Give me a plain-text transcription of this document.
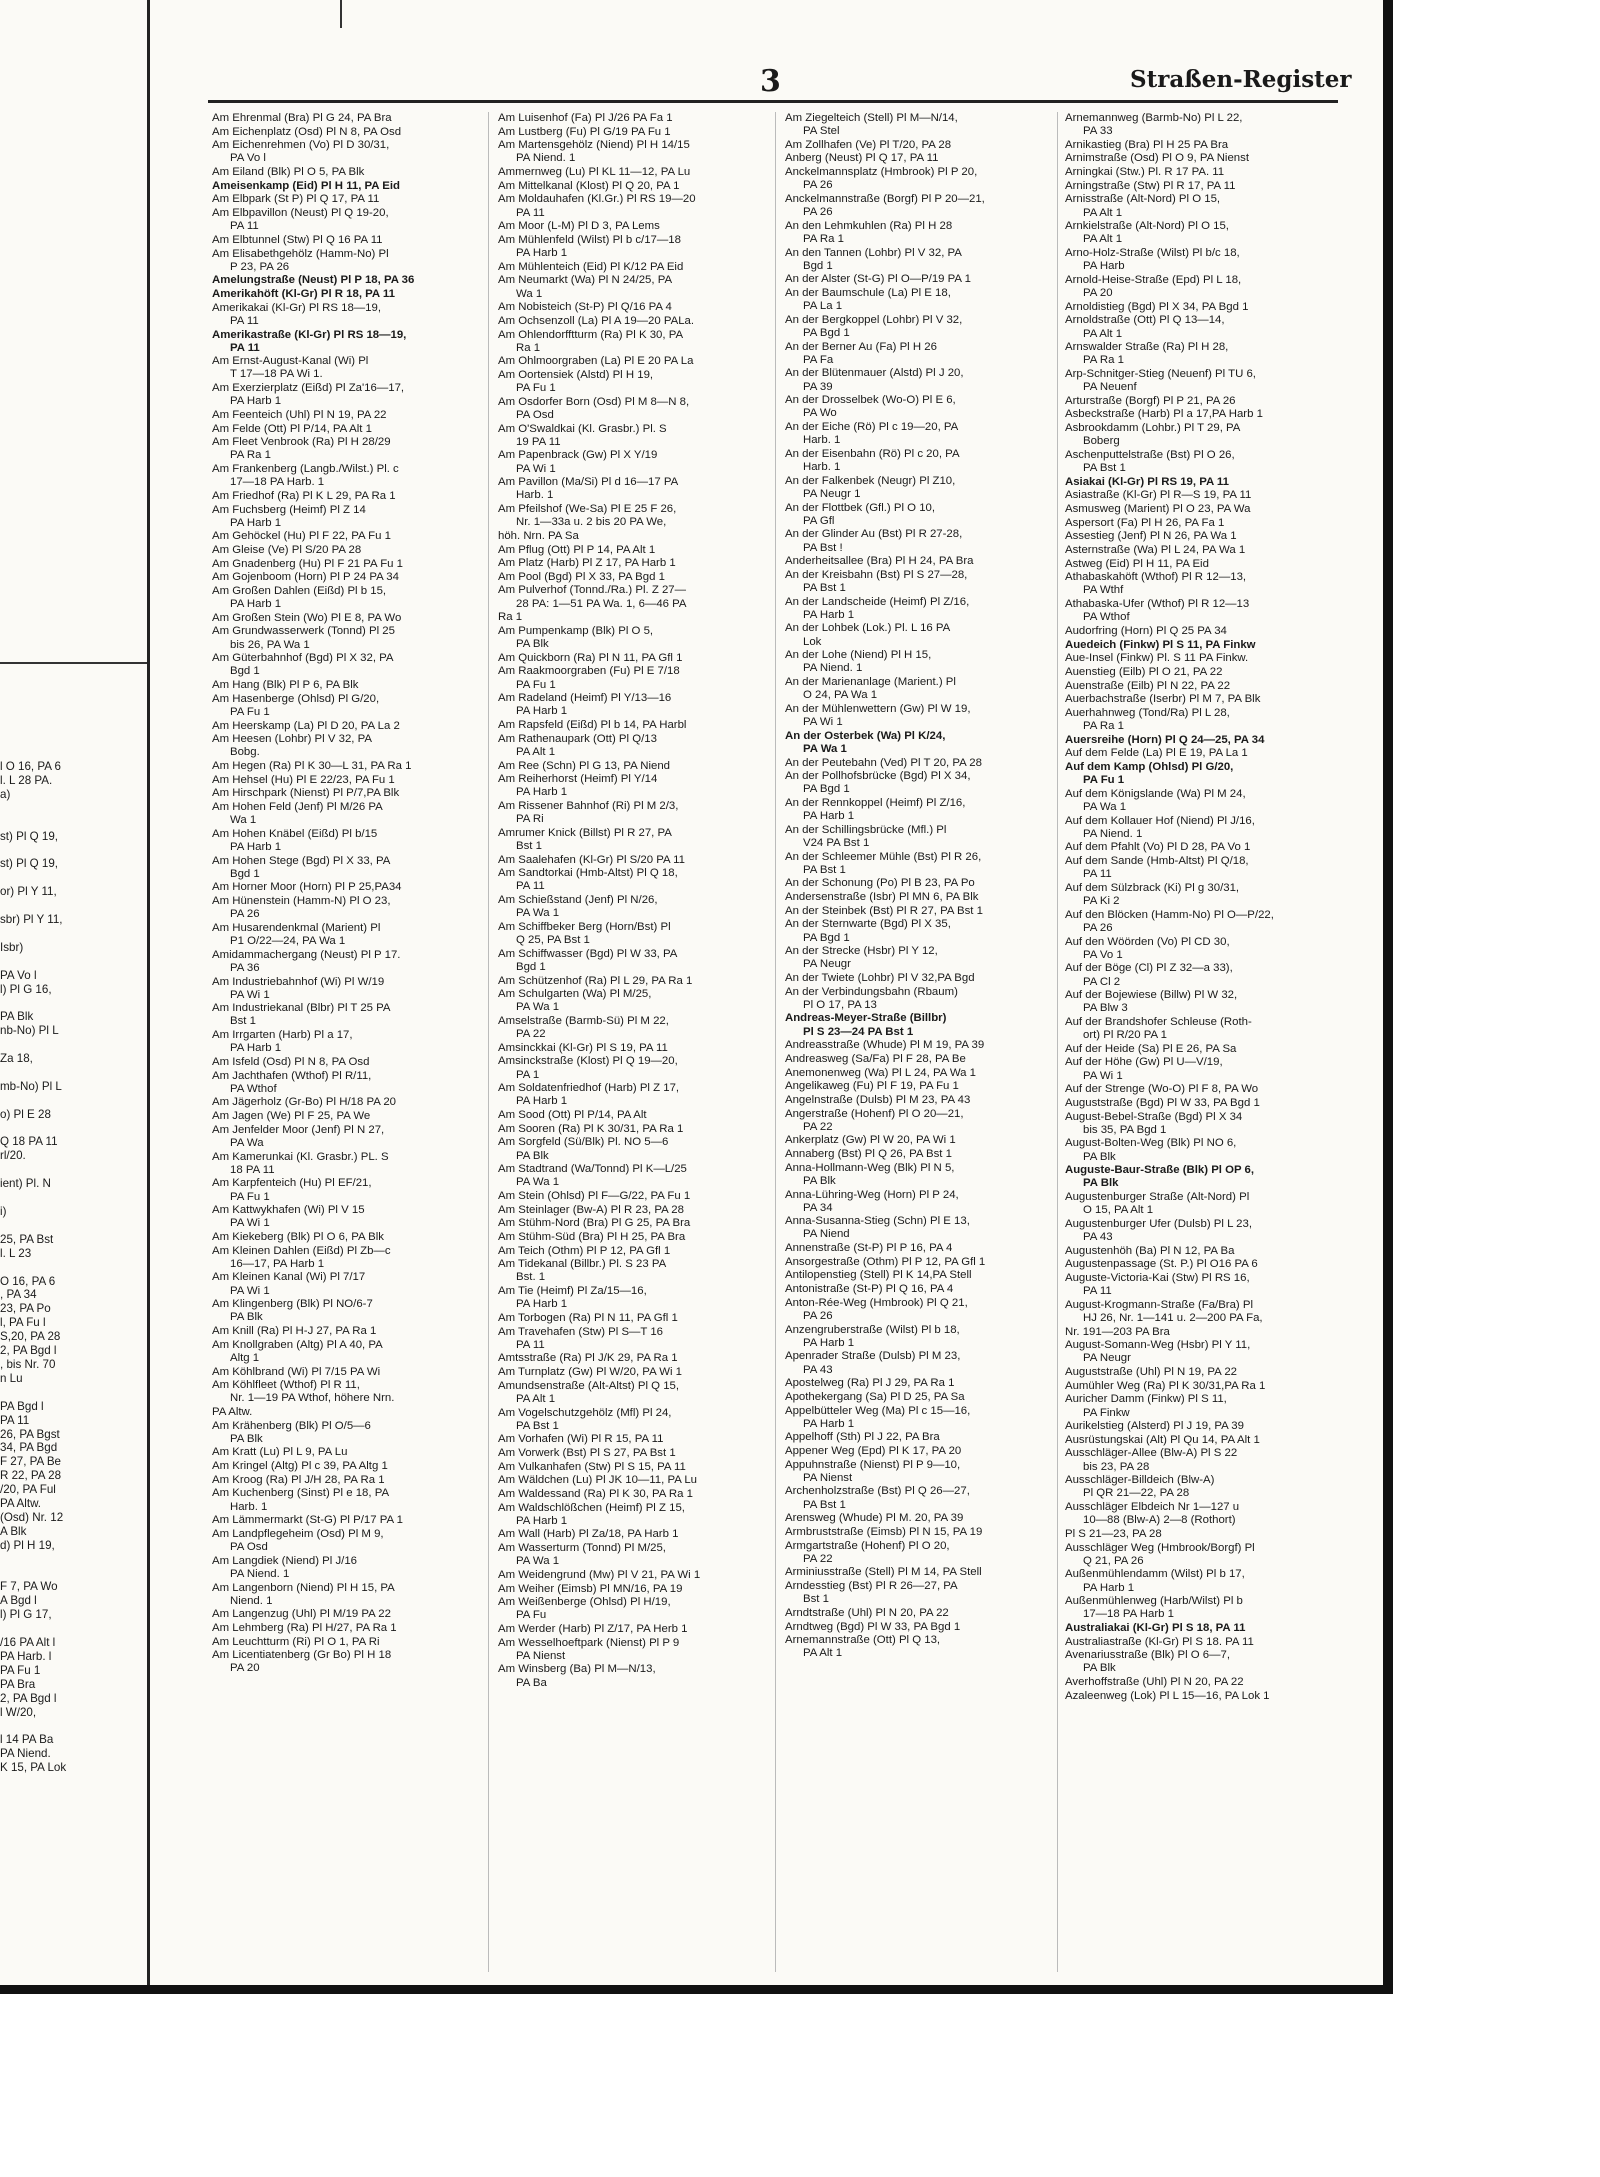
3	Straßen-Register
l O 16, PA 6
l. L 28 PA.
a)

st) Pl Q 19,

st) Pl Q 19,

or) Pl Y 11,

sbr) Pl Y 11,

Isbr)

PA Vo l
l) Pl G 16,

PA Blk
nb-No) Pl L

Za 18,

mb-No) Pl L

o) Pl E 28

Q 18 PA 11
rl/20.

ient) Pl. N

i)

25, PA Bst
l. L 23

O 16, PA 6
, PA 34
23, PA Po
l, PA Fu l
S,20, PA 28
2, PA Bgd l
, bis Nr. 70
n Lu

PA Bgd l
PA 11
26, PA Bgst
34, PA Bgd
F 27, PA Be
R 22, PA 28
/20, PA Ful
PA Altw.
(Osd) Nr. 12
A Blk
d) Pl H 19,

F 7, PA Wo
A Bgd l
l) Pl G 17,

/16 PA Alt l
PA Harb. l
PA Fu 1
PA Bra
2, PA Bgd l
l W/20,

l 14 PA Ba
PA Niend.
K 15, PA Lok
Am Ehrenmal (Bra) Pl G 24, PA Bra
Am Eichenplatz (Osd) Pl N 8, PA Osd
Am Eichenrehmen (Vo) Pl D 30/31,
PA Vo l
Am Eiland (Blk) Pl O 5, PA Blk
Ameisenkamp (Eid) Pl H 11, PA Eid
Am Elbpark (St P) Pl Q 17, PA 11
Am Elbpavillon (Neust) Pl Q 19-20,
PA 11
Am Elbtunnel (Stw) Pl Q 16 PA 11
Am Elisabethgehölz (Hamm-No) Pl
P 23, PA 26
Amelungstraße (Neust) Pl P 18, PA 36
Amerikahöft (Kl-Gr) Pl R 18, PA 11
Amerikakai (Kl-Gr) Pl RS 18—19,
PA 11
Amerikastraße (Kl-Gr) Pl RS 18—19,
PA 11
Am Ernst-August-Kanal (Wi) Pl
T 17—18 PA Wi 1.
Am Exerzierplatz (Eißd) Pl Za'16—17,
PA Harb 1
Am Feenteich (Uhl) Pl N 19, PA 22
Am Felde (Ott) Pl P/14, PA Alt 1
Am Fleet Venbrook (Ra) Pl H 28/29
PA Ra 1
Am Frankenberg (Langb./Wilst.) Pl. c
17—18 PA Harb. 1
Am Friedhof (Ra) Pl K L 29, PA Ra 1
Am Fuchsberg (Heimf) Pl Z 14
PA Harb 1
Am Gehöckel (Hu) Pl F 22, PA Fu 1
Am Gleise (Ve) Pl S/20 PA 28
Am Gnadenberg (Hu) Pl F 21 PA Fu 1
Am Gojenboom (Horn) Pl P 24 PA 34
Am Großen Dahlen (Eißd) Pl b 15,
PA Harb 1
Am Großen Stein (Wo) Pl E 8, PA Wo
Am Grundwasserwerk (Tonnd) Pl 25
bis 26, PA Wa 1
Am Güterbahnhof (Bgd) Pl X 32, PA
Bgd 1
Am Hang (Blk) Pl P 6, PA Blk
Am Hasenberge (Ohlsd) Pl G/20,
PA Fu 1
Am Heerskamp (La) Pl D 20, PA La 2
Am Heesen (Lohbr) Pl V 32, PA
Bobg.
Am Hegen (Ra) Pl K 30—L 31, PA Ra 1
Am Hehsel (Hu) Pl E 22/23, PA Fu 1
Am Hirschpark (Nienst) Pl P/7,PA Blk
Am Hohen Feld (Jenf) Pl M/26 PA
Wa 1
Am Hohen Knäbel (Eißd) Pl b/15
PA Harb 1
Am Hohen Stege (Bgd) Pl X 33, PA
Bgd 1
Am Horner Moor (Horn) Pl P 25,PA34
Am Hünenstein (Hamm-N) Pl O 23,
PA 26
Am Husarendenkmal (Marient) Pl
P1 O/22—24, PA Wa 1
Amidammachergang (Neust) Pl P 17.
PA 36
Am Industriebahnhof (Wi) Pl W/19
PA Wi 1
Am Industriekanal (Blbr) Pl T 25 PA
Bst 1
Am Irrgarten (Harb) Pl a 17,
PA Harb 1
Am Isfeld (Osd) Pl N 8, PA Osd
Am Jachthafen (Wthof) Pl R/11,
PA Wthof
Am Jägerholz (Gr-Bo) Pl H/18 PA 20
Am Jagen (We) Pl F 25, PA We
Am Jenfelder Moor (Jenf) Pl N 27,
PA Wa
Am Kamerunkai (Kl. Grasbr.) PL. S
18 PA 11
Am Karpfenteich (Hu) Pl EF/21,
PA Fu 1
Am Kattwykhafen (Wi) Pl V 15
PA Wi 1
Am Kiekeberg (Blk) Pl O 6, PA Blk
Am Kleinen Dahlen (Eißd) Pl Zb—c
16—17, PA Harb 1
Am Kleinen Kanal (Wi) Pl 7/17
PA Wi 1
Am Klingenberg (Blk) Pl NO/6-7
PA Blk
Am Knill (Ra) Pl H-J 27, PA Ra 1
Am Knollgraben (Altg) Pl A 40, PA
Altg 1
Am Köhlbrand (Wi) Pl 7/15 PA Wi
Am Köhlfleet (Wthof) Pl R 11,
Nr. 1—19 PA Wthof, höhere Nrn.
PA Altw.
Am Krähenberg (Blk) Pl O/5—6
PA Blk
Am Kratt (Lu) Pl L 9, PA Lu
Am Kringel (Altg) Pl c 39, PA Altg 1
Am Kroog (Ra) Pl J/H 28, PA Ra 1
Am Kuchenberg (Sinst) Pl e 18, PA
Harb. 1
Am Lämmermarkt (St-G) Pl P/17 PA 1
Am Landpflegeheim (Osd) Pl M 9,
PA Osd
Am Langdiek (Niend) Pl J/16
PA Niend. 1
Am Langenborn (Niend) Pl H 15, PA
Niend. 1
Am Langenzug (Uhl) Pl M/19 PA 22
Am Lehmberg (Ra) Pl H/27, PA Ra 1
Am Leuchtturm (Ri) Pl O 1, PA Ri
Am Licentiatenberg (Gr Bo) Pl H 18
PA 20
Am Luisenhof (Fa) Pl J/26 PA Fa 1
Am Lustberg (Fu) Pl G/19 PA Fu 1
Am Martensgehölz (Niend) Pl H 14/15
PA Niend. 1
Ammernweg (Lu) Pl KL 11—12, PA Lu
Am Mittelkanal (Klost) Pl Q 20, PA 1
Am Moldauhafen (Kl.Gr.) Pl RS 19—20
PA 11
Am Moor (L-M) Pl D 3, PA Lems
Am Mühlenfeld (Wilst) Pl b c/17—18
PA Harb 1
Am Mühlenteich (Eid) Pl K/12 PA Eid
Am Neumarkt (Wa) Pl N 24/25, PA
Wa 1
Am Nobisteich (St-P) Pl Q/16 PA 4
Am Ochsenzoll (La) Pl A 19—20 PALa.
Am Ohlendorfftturm (Ra) Pl K 30, PA
Ra 1
Am Ohlmoorgraben (La) Pl E 20 PA La
Am Oortensiek (Alstd) Pl H 19,
PA Fu 1
Am Osdorfer Born (Osd) Pl M 8—N 8,
PA Osd
Am O'Swaldkai (Kl. Grasbr.) Pl. S
19 PA 11
Am Papenbrack (Gw) Pl X Y/19
PA Wi 1
Am Pavillon (Ma/Si) Pl d 16—17 PA
Harb. 1
Am Pfeilshof (We-Sa) Pl E 25 F 26,
Nr. 1—33a u. 2 bis 20 PA We,
höh. Nrn. PA Sa
Am Pflug (Ott) Pl P 14, PA Alt 1
Am Platz (Harb) Pl Z 17, PA Harb 1
Am Pool (Bgd) Pl X 33, PA Bgd 1
Am Pulverhof (Tonnd./Ra.) Pl. Z 27—
28 PA: 1—51 PA Wa. 1, 6—46 PA
Ra 1
Am Pumpenkamp (Blk) Pl O 5,
PA Blk
Am Quickborn (Ra) Pl N 11, PA Gfl 1
Am Raakmoorgraben (Fu) Pl E 7/18
PA Fu 1
Am Radeland (Heimf) Pl Y/13—16
PA Harb 1
Am Rapsfeld (Eißd) Pl b 14, PA Harbl
Am Rathenaupark (Ott) Pl Q/13
PA Alt 1
Am Ree (Schn) Pl G 13, PA Niend
Am Reiherhorst (Heimf) Pl Y/14
PA Harb 1
Am Rissener Bahnhof (Ri) Pl M 2/3,
PA Ri
Amrumer Knick (Billst) Pl R 27, PA
Bst 1
Am Saalehafen (Kl-Gr) Pl S/20 PA 11
Am Sandtorkai (Hmb-Altst) Pl Q 18,
PA 11
Am Schießstand (Jenf) Pl N/26,
PA Wa 1
Am Schiffbeker Berg (Horn/Bst) Pl
Q 25, PA Bst 1
Am Schiffwasser (Bgd) Pl W 33, PA
Bgd 1
Am Schützenhof (Ra) Pl L 29, PA Ra 1
Am Schulgarten (Wa) Pl M/25,
PA Wa 1
Amselstraße (Barmb-Sü) Pl M 22,
PA 22
Amsinckkai (Kl-Gr) Pl S 19, PA 11
Amsinckstraße (Klost) Pl Q 19—20,
PA 1
Am Soldatenfriedhof (Harb) Pl Z 17,
PA Harb 1
Am Sood (Ott) Pl P/14, PA Alt
Am Sooren (Ra) Pl K 30/31, PA Ra 1
Am Sorgfeld (Sü/Blk) Pl. NO 5—6
PA Blk
Am Stadtrand (Wa/Tonnd) Pl K—L/25
PA Wa 1
Am Stein (Ohlsd) Pl F—G/22, PA Fu 1
Am Steinlager (Bw-A) Pl R 23, PA 28
Am Stühm-Nord (Bra) Pl G 25, PA Bra
Am Stühm-Süd (Bra) Pl H 25, PA Bra
Am Teich (Othm) Pl P 12, PA Gfl 1
Am Tidekanal (Billbr.) Pl. S 23 PA
Bst. 1
Am Tie (Heimf) Pl Za/15—16,
PA Harb 1
Am Torbogen (Ra) Pl N 11, PA Gfl 1
Am Travehafen (Stw) Pl S—T 16
PA 11
Amtsstraße (Ra) Pl J/K 29, PA Ra 1
Am Turnplatz (Gw) Pl W/20, PA Wi 1
Amundsenstraße (Alt-Altst) Pl Q 15,
PA Alt 1
Am Vogelschutzgehölz (Mfl) Pl 24,
PA Bst 1
Am Vorhafen (Wi) Pl R 15, PA 11
Am Vorwerk (Bst) Pl S 27, PA Bst 1
Am Vulkanhafen (Stw) Pl S 15, PA 11
Am Wäldchen (Lu) Pl JK 10—11, PA Lu
Am Waldessand (Ra) Pl K 30, PA Ra 1
Am Waldschlößchen (Heimf) Pl Z 15,
PA Harb 1
Am Wall (Harb) Pl Za/18, PA Harb 1
Am Wasserturm (Tonnd) Pl M/25,
PA Wa 1
Am Weidengrund (Mw) Pl V 21, PA Wi 1
Am Weiher (Eimsb) Pl MN/16, PA 19
Am Weißenberge (Ohlsd) Pl H/19,
PA Fu
Am Werder (Harb) Pl Z/17, PA Herb 1
Am Wesselhoeftpark (Nienst) Pl P 9
PA Nienst
Am Winsberg (Ba) Pl M—N/13,
PA Ba
Am Ziegelteich (Stell) Pl M—N/14,
PA Stel
Am Zollhafen (Ve) Pl T/20, PA 28
Anberg (Neust) Pl Q 17, PA 11
Anckelmannsplatz (Hmbrook) Pl P 20,
PA 26
Anckelmannstraße (Borgf) Pl P 20—21,
PA 26
An den Lehmkuhlen (Ra) Pl H 28
PA Ra 1
An den Tannen (Lohbr) Pl V 32, PA
Bgd 1
An der Alster (St-G) Pl O—P/19 PA 1
An der Baumschule (La) Pl E 18,
PA La 1
An der Bergkoppel (Lohbr) Pl V 32,
PA Bgd 1
An der Berner Au (Fa) Pl H 26
PA Fa
An der Blütenmauer (Alstd) Pl J 20,
PA 39
An der Drosselbek (Wo-O) Pl E 6,
PA Wo
An der Eiche (Rö) Pl c 19—20, PA
Harb. 1
An der Eisenbahn (Rö) Pl c 20, PA
Harb. 1
An der Falkenbek (Neugr) Pl Z10,
PA Neugr 1
An der Flottbek (Gfl.) Pl O 10,
PA Gfl
An der Glinder Au (Bst) Pl R 27-28,
PA Bst !
Anderheitsallee (Bra) Pl H 24, PA Bra
An der Kreisbahn (Bst) Pl S 27—28,
PA Bst 1
An der Landscheide (Heimf) Pl Z/16,
PA Harb 1
An der Lohbek (Lok.) Pl. L 16 PA
Lok
An der Lohe (Niend) Pl H 15,
PA Niend. 1
An der Marienanlage (Marient.) Pl
O 24, PA Wa 1
An der Mühlenwettern (Gw) Pl W 19,
PA Wi 1
An der Osterbek (Wa) Pl K/24,
PA Wa 1
An der Peutebahn (Ved) Pl T 20, PA 28
An der Pollhofsbrücke (Bgd) Pl X 34,
PA Bgd 1
An der Rennkoppel (Heimf) Pl Z/16,
PA Harb 1
An der Schillingsbrücke (Mfl.) Pl
V24 PA Bst 1
An der Schleemer Mühle (Bst) Pl R 26,
PA Bst 1
An der Schonung (Po) Pl B 23, PA Po
Andersenstraße (Isbr) Pl MN 6, PA Blk
An der Steinbek (Bst) Pl R 27, PA Bst 1
An der Sternwarte (Bgd) Pl X 35,
PA Bgd 1
An der Strecke (Hsbr) Pl Y 12,
PA Neugr
An der Twiete (Lohbr) Pl V 32,PA Bgd
An der Verbindungsbahn (Rbaum)
Pl O 17, PA 13
Andreas-Meyer-Straße (Billbr)
Pl S 23—24 PA Bst 1
Andreasstraße (Whude) Pl M 19, PA 39
Andreasweg (Sa/Fa) Pl F 28, PA Be
Anemonenweg (Wa) Pl L 24, PA Wa 1
Angelikaweg (Fu) Pl F 19, PA Fu 1
Angelnstraße (Dulsb) Pl M 23, PA 43
Angerstraße (Hohenf) Pl O 20—21,
PA 22
Ankerplatz (Gw) Pl W 20, PA Wi 1
Annaberg (Bst) Pl Q 26, PA Bst 1
Anna-Hollmann-Weg (Blk) Pl N 5,
PA Blk
Anna-Lühring-Weg (Horn) Pl P 24,
PA 34
Anna-Susanna-Stieg (Schn) Pl E 13,
PA Niend
Annenstraße (St-P) Pl P 16, PA 4
Ansorgestraße (Othm) Pl P 12, PA Gfl 1
Antilopenstieg (Stell) Pl K 14,PA Stell
Antonistraße (St-P) Pl Q 16, PA 4
Anton-Rée-Weg (Hmbrook) Pl Q 21,
PA 26
Anzengruberstraße (Wilst) Pl b 18,
PA Harb 1
Apenrader Straße (Dulsb) Pl M 23,
PA 43
Apostelweg (Ra) Pl J 29, PA Ra 1
Apothekergang (Sa) Pl D 25, PA Sa
Appelbütteler Weg (Ma) Pl c 15—16,
PA Harb 1
Appelhoff (Sth) Pl J 22, PA Bra
Appener Weg (Epd) Pl K 17, PA 20
Appuhnstraße (Nienst) Pl P 9—10,
PA Nienst
Archenholzstraße (Bst) Pl Q 26—27,
PA Bst 1
Arensweg (Whude) Pl M. 20, PA 39
Armbruststraße (Eimsb) Pl N 15, PA 19
Armgartstraße (Hohenf) Pl O 20,
PA 22
Arminiusstraße (Stell) Pl M 14, PA Stell
Arndesstieg (Bst) Pl R 26—27, PA
Bst 1
Arndtstraße (Uhl) Pl N 20, PA 22
Arndtweg (Bgd) Pl W 33, PA Bgd 1
Arnemannstraße (Ott) Pl Q 13,
PA Alt 1
Arnemannweg (Barmb-No) Pl L 22,
PA 33
Arnikastieg (Bra) Pl H 25 PA Bra
Arnimstraße (Osd) Pl O 9, PA Nienst
Arningkai (Stw.) Pl. R 17 PA. 11
Arningstraße (Stw) Pl R 17, PA 11
Arnisstraße (Alt-Nord) Pl O 15,
PA Alt 1
Arnkielstraße (Alt-Nord) Pl O 15,
PA Alt 1
Arno-Holz-Straße (Wilst) Pl b/c 18,
PA Harb
Arnold-Heise-Straße (Epd) Pl L 18,
PA 20
Arnoldistieg (Bgd) Pl X 34, PA Bgd 1
Arnoldstraße (Ott) Pl Q 13—14,
PA Alt 1
Arnswalder Straße (Ra) Pl H 28,
PA Ra 1
Arp-Schnitger-Stieg (Neuenf) Pl TU 6,
PA Neuenf
Arturstraße (Borgf) Pl P 21, PA 26
Asbeckstraße (Harb) Pl a 17,PA Harb 1
Asbrookdamm (Lohbr.) Pl T 29, PA
Boberg
Aschenputtelstraße (Bst) Pl O 26,
PA Bst 1
Asiakai (Kl-Gr) Pl RS 19, PA 11
Asiastraße (Kl-Gr) Pl R—S 19, PA 11
Asmusweg (Marient) Pl O 23, PA Wa
Aspersort (Fa) Pl H 26, PA Fa 1
Assestieg (Jenf) Pl N 26, PA Wa 1
Asternstraße (Wa) Pl L 24, PA Wa 1
Astweg (Eid) Pl H 11, PA Eid
Athabaskahöft (Wthof) Pl R 12—13,
PA Wthf
Athabaska-Ufer (Wthof) Pl R 12—13
PA Wthof
Audorfring (Horn) Pl Q 25 PA 34
Auedeich (Finkw) Pl S 11, PA Finkw
Aue-Insel (Finkw) Pl. S 11 PA Finkw.
Auenstieg (Eilb) Pl O 21, PA 22
Auenstraße (Eilb) Pl N 22, PA 22
Auerbachstraße (Iserbr) Pl M 7, PA Blk
Auerhahnweg (Tond/Ra) Pl L 28,
PA Ra 1
Auersreihe (Horn) Pl Q 24—25, PA 34
Auf dem Felde (La) Pl E 19, PA La 1
Auf dem Kamp (Ohlsd) Pl G/20,
PA Fu 1
Auf dem Königslande (Wa) Pl M 24,
PA Wa 1
Auf dem Kollauer Hof (Niend) Pl J/16,
PA Niend. 1
Auf dem Pfahlt (Vo) Pl D 28, PA Vo 1
Auf dem Sande (Hmb-Altst) Pl Q/18,
PA 11
Auf dem Sülzbrack (Ki) Pl g 30/31,
PA Ki 2
Auf den Blöcken (Hamm-No) Pl O—P/22,
PA 26
Auf den Wöörden (Vo) Pl CD 30,
PA Vo 1
Auf der Böge (Cl) Pl Z 32—a 33),
PA Cl 2
Auf der Bojewiese (Billw) Pl W 32,
PA Blw 3
Auf der Brandshofer Schleuse (Roth-
ort) Pl R/20 PA 1
Auf der Heide (Sa) Pl E 26, PA Sa
Auf der Höhe (Gw) Pl U—V/19,
PA Wi 1
Auf der Strenge (Wo-O) Pl F 8, PA Wo
Auguststraße (Bgd) Pl W 33, PA Bgd 1
August-Bebel-Straße (Bgd) Pl X 34
bis 35, PA Bgd 1
August-Bolten-Weg (Blk) Pl NO 6,
PA Blk
Auguste-Baur-Straße (Blk) Pl OP 6,
PA Blk
Augustenburger Straße (Alt-Nord) Pl
O 15, PA Alt 1
Augustenburger Ufer (Dulsb) Pl L 23,
PA 43
Augustenhöh (Ba) Pl N 12, PA Ba
Augustenpassage (St. P.) Pl O16 PA 6
Auguste-Victoria-Kai (Stw) Pl RS 16,
PA 11
August-Krogmann-Straße (Fa/Bra) Pl
HJ 26, Nr. 1—141 u. 2—200 PA Fa,
Nr. 191—203 PA Bra
August-Somann-Weg (Hsbr) Pl Y 11,
PA Neugr
Auguststraße (Uhl) Pl N 19, PA 22
Aumühler Weg (Ra) Pl K 30/31,PA Ra 1
Auricher Damm (Finkw) Pl S 11,
PA Finkw
Aurikelstieg (Alsterd) Pl J 19, PA 39
Ausrüstungskai (Alt) Pl Qu 14, PA Alt 1
Ausschläger-Allee (Blw-A) Pl S 22
bis 23, PA 28
Ausschläger-Billdeich (Blw-A)
Pl QR 21—22, PA 28
Ausschläger Elbdeich Nr 1—127 u
10—88 (Blw-A) 2—8 (Rothort)
Pl S 21—23, PA 28
Ausschläger Weg (Hmbrook/Borgf) Pl
Q 21, PA 26
Außenmühlendamm (Wilst) Pl b 17,
PA Harb 1
Außenmühlenweg (Harb/Wilst) Pl b
17—18 PA Harb 1
Australiakai (Kl-Gr) Pl S 18, PA 11
Australiastraße (Kl-Gr) Pl S 18. PA 11
Avenariusstraße (Blk) Pl O 6—7,
PA Blk
Averhoffstraße (Uhl) Pl N 20, PA 22
Azaleenweg (Lok) Pl L 15—16, PA Lok 1
